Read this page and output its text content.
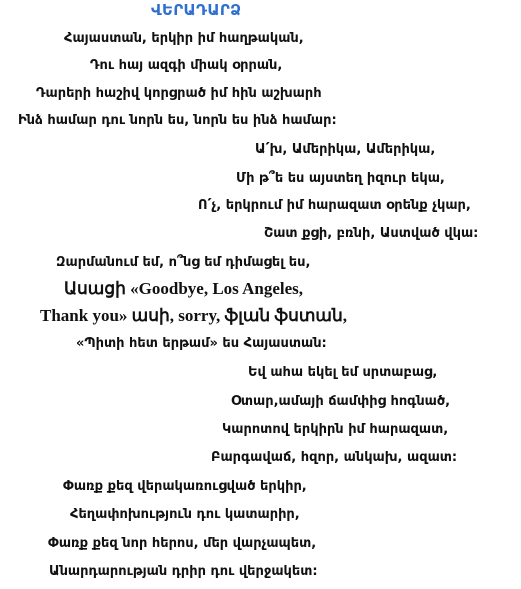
ՎԵՐԱԴԱՐՁ
Հայաստան, երկիր իմ հաղթական,
Դու հայ ազգի միակ օրրան,
Դարերի հաշիվ կորցրած իմ հին աշխարհ
Ինձ համար դու նորն ես, նորն ես ինձ համար:
Ա՛խ, Ամերիկա, Ամերիկա,
Մի թ՞ե ես այստեղ իզուր եկա,
Ո՛չ, երկրում իմ հարազատ օրենք չկար,
Շատ քցի, բռնի, Աստված վկա:
Զարմանում եմ, ո՞նց եմ դիմացել ես,
Ասացի «Goodbye, Los Angeles,
Thank you» ասի, sorry, ֆլան ֆստան,
«Պիտի հետ երթամ» ես Հայաստան:
Եվ ահա եկել եմ սրտաբաց,
Օտար,ամայի ճամփից հոգնած,
Կարոտով երկիրն իմ հարազատ,
Բարգավաճ, հզոր, անկախ, ազատ:
Փառք քեզ վերակառուցված երկիր,
Հեղափոխություն դու կատարիր,
Փառք քեզ նոր հերոս, մեր վարչապետ,
Անարդարության դրիր դու վերջակետ:
